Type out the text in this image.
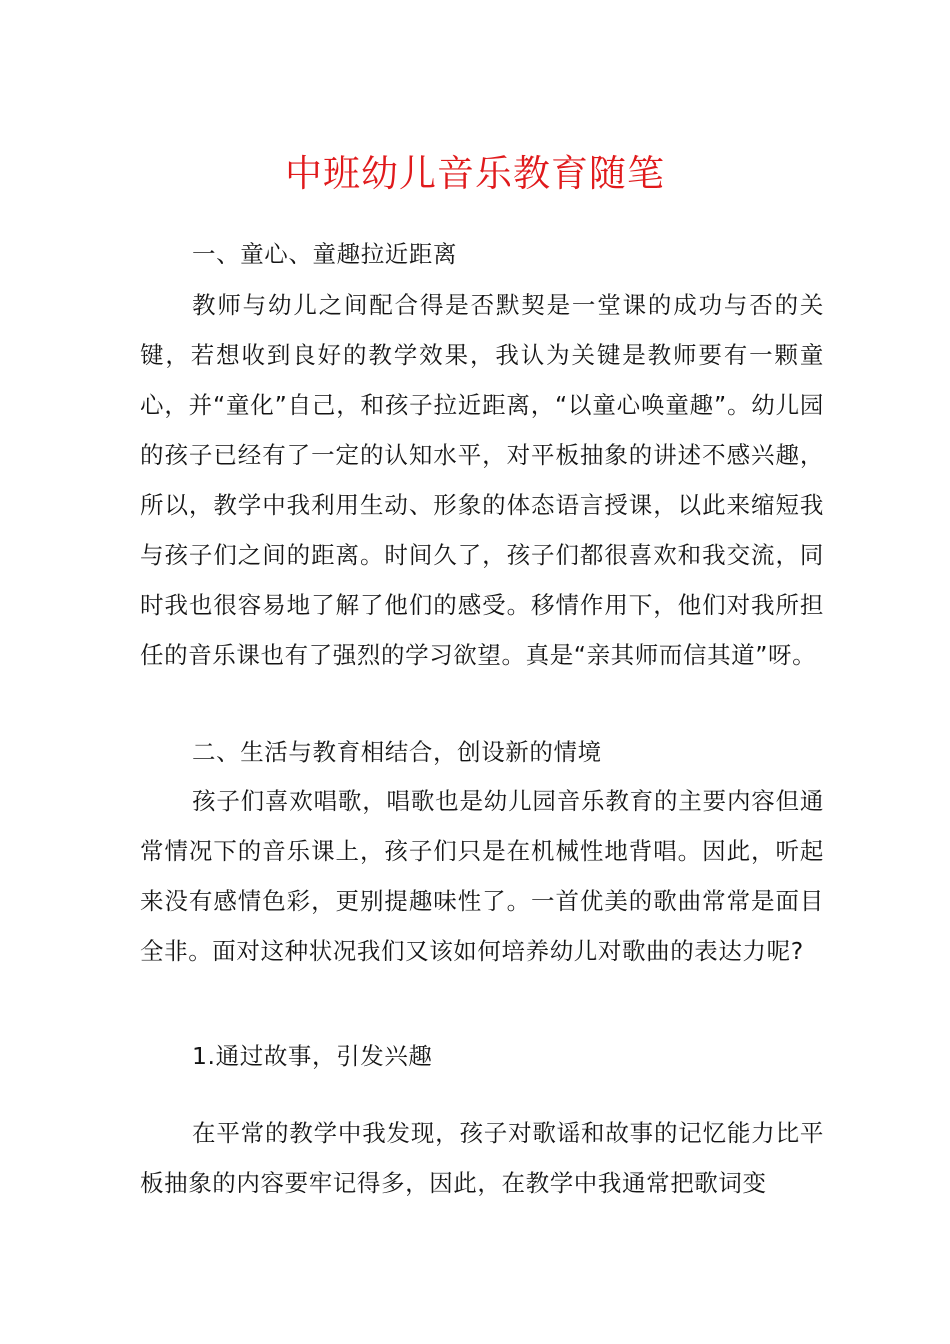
中班幼儿音乐教育随笔
一、童心、童趣拉近距离

教师与幼儿之间配合得是否默契是一堂课的成功与否的关键，若想收到良好的教学效果，我认为关键是教师要有一颗童心，并“童化”自己，和孩子拉近距离，“以童心唤童趣”。幼儿园的孩子已经有了一定的认知水平，对平板抽象的讲述不感兴趣，所以，教学中我利用生动、形象的体态语言授课，以此来缩短我与孩子们之间的距离。时间久了，孩子们都很喜欢和我交流，同时我也很容易地了解了他们的感受。移情作用下，他们对我所担任的音乐课也有了强烈的学习欲望。真是“亲其师而信其道”呀。

二、生活与教育相结合，创设新的情境

孩子们喜欢唱歌，唱歌也是幼儿园音乐教育的主要内容但通常情况下的音乐课上，孩子们只是在机械性地背唱。因此，听起来没有感情色彩，更别提趣味性了。一首优美的歌曲常常是面目全非。面对这种状况我们又该如何培养幼儿对歌曲的表达力呢?

1.通过故事，引发兴趣

在平常的教学中我发现，孩子对歌谣和故事的记忆能力比平板抽象的内容要牢记得多，因此，在教学中我通常把歌词变
